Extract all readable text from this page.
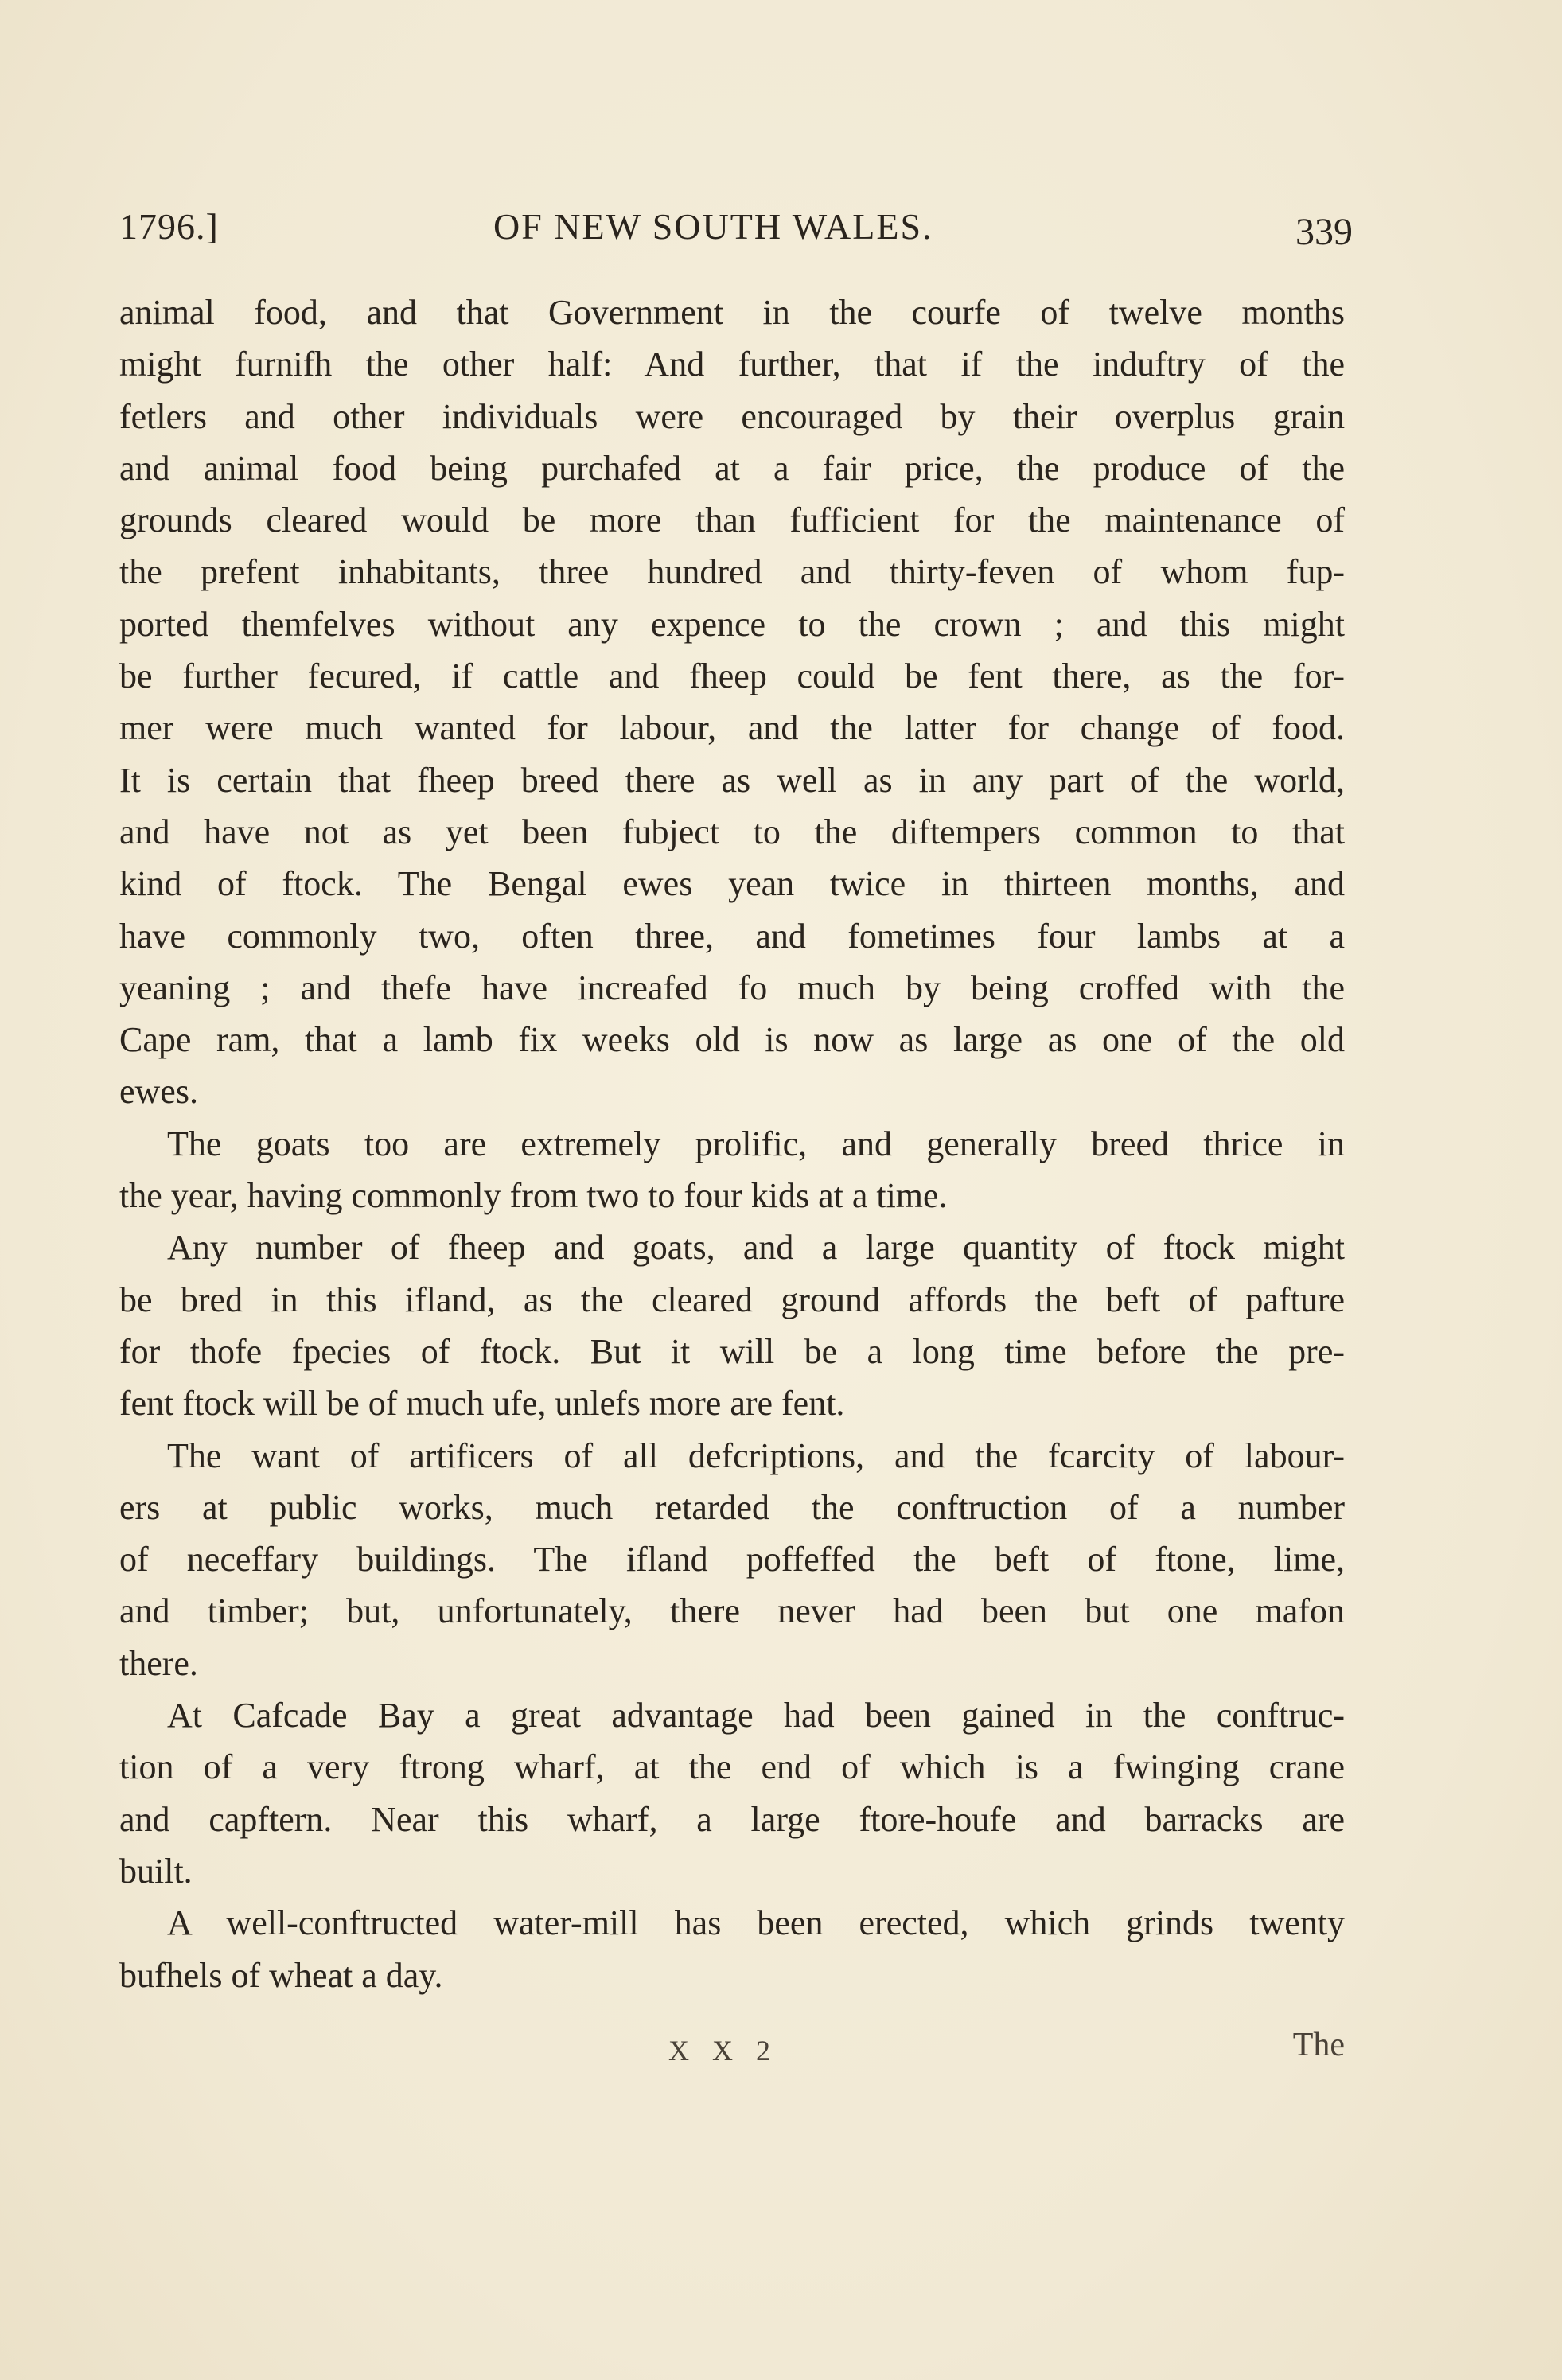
1796.]	OF NEW SOUTH WALES.	339
animal food, and that Government in the courfe of twelve months
might furnifh the other half: And further, that if the induftry of the
fetlers and other individuals were encouraged by their overplus grain
and animal food being purchafed at a fair price, the produce of the
grounds cleared would be more than fufficient for the maintenance of
the prefent inhabitants, three hundred and thirty-feven of whom fup-
ported themfelves without any expence to the crown ; and this might
be further fecured, if cattle and fheep could be fent there, as the for-
mer were much wanted for labour, and the latter for change of food.
It is certain that fheep breed there as well as in any part of the world,
and have not as yet been fubject to the diftempers common to that
kind of ftock. The Bengal ewes yean twice in thirteen months, and
have commonly two, often three, and fometimes four lambs at a
yeaning ; and thefe have increafed fo much by being croffed with the
Cape ram, that a lamb fix weeks old is now as large as one of the old
ewes.
The goats too are extremely prolific, and generally breed thrice in
the year, having commonly from two to four kids at a time.
Any number of fheep and goats, and a large quantity of ftock might
be bred in this ifland, as the cleared ground affords the beft of pafture
for thofe fpecies of ftock. But it will be a long time before the pre-
fent ftock will be of much ufe, unlefs more are fent.
The want of artificers of all defcriptions, and the fcarcity of labour-
ers at public works, much retarded the conftruction of a number
of neceffary buildings. The ifland poffeffed the beft of ftone, lime,
and timber; but, unfortunately, there never had been but one mafon
there.
At Cafcade Bay a great advantage had been gained in the conftruc-
tion of a very ftrong wharf, at the end of which is a fwinging crane
and capftern. Near this wharf, a large ftore-houfe and barracks are
built.
A well-conftructed water-mill has been erected, which grinds twenty
bufhels of wheat a day.
X X 2	The
